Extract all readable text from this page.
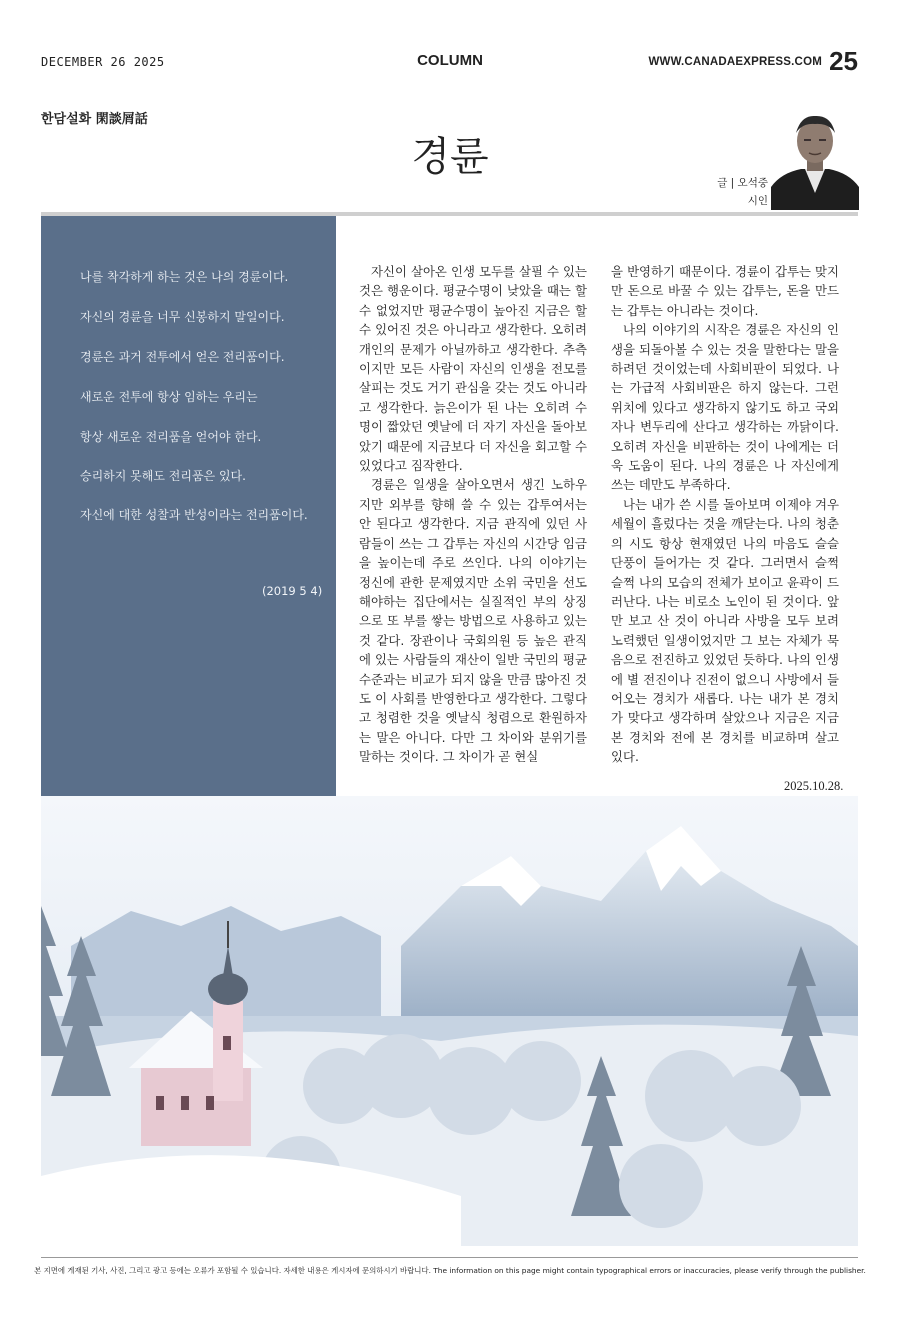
DECEMBER 26 2025	COLUMN	WWW.CANADAEXPRESS.COM 25
한담설화 閑談屑話
경륜
글 | 오석중
시인
나를 착각하게 하는 것은 나의 경륜이다.
자신의 경륜을 너무 신봉하지 말일이다.
경륜은 과거 전투에서 얻은 전리품이다.
새로운 전투에 항상 임하는 우리는
항상 새로운 전리품을 얻어야 한다.
승리하지 못해도 전리품은 있다.
자신에 대한 성찰과 반성이라는 전리품이다.
(2019 5 4)

자신이 살아온 인생 모두를 살필 수 있는 것은 행운이다. 평균수명이 낮았을 때는 할 수 없었지만 평균수명이 높아진 지금은 할 수 있어진 것은 아니라고 생각한다. 오히려 개인의 문제가 아닐까하고 생각한다. 추측이지만 모든 사람이 자신의 인생을 전모를 살피는 것도 거기 관심을 갖는 것도 아니라고 생각한다. 늙은이가 된 나는 오히려 수명이 짧았던 옛날에 더 자기 자신을 돌아보았기 때문에 지금보다 더 자신을 회고할 수 있었다고 짐작한다.

경륜은 일생을 살아오면서 생긴 노하우지만 외부를 향해 쓸 수 있는 갑투여서는 안 된다고 생각한다. 지금 관직에 있던 사람들이 쓰는 그 갑투는 자신의 시간당 임금을 높이는데 주로 쓰인다. 나의 이야기는 정신에 관한 문제였지만 소위 국민을 선도해야하는 집단에서는 실질적인 부의 상징으로 또 부를 쌓는 방법으로 사용하고 있는 것 같다. 장관이나 국회의원 등 높은 관직에 있는 사람들의 재산이 일반 국민의 평균 수준과는 비교가 되지 않을 만큼 많아진 것도 이 사회를 반영한다고 생각한다. 그렇다고 청렴한 것을 옛날식 청렴으로 환원하자는 말은 아니다. 다만 그 차이와 분위기를 말하는 것이다. 그 차이가 곧 현실

을 반영하기 때문이다. 경륜이 갑투는 맞지만 돈으로 바꿀 수 있는 갑투는, 돈을 만드는 갑투는 아니라는 것이다.

나의 이야기의 시작은 경륜은 자신의 인생을 되돌아볼 수 있는 것을 말한다는 말을 하려던 것이었는데 사회비판이 되었다. 나는 가급적 사회비판은 하지 않는다. 그런 위치에 있다고 생각하지 않기도 하고 국외자나 변두리에 산다고 생각하는 까닭이다. 오히려 자신을 비판하는 것이 나에게는 더욱 도움이 된다. 나의 경륜은 나 자신에게 쓰는 데만도 부족하다.

나는 내가 쓴 시를 돌아보며 이제야 겨우 세월이 흘렀다는 것을 깨닫는다. 나의 청춘의 시도 항상 현재였던 나의 마음도 슬슬 단풍이 들어가는 것 같다. 그러면서 슬쩍 슬쩍 나의 모습의 전체가 보이고 윤곽이 드러난다. 나는 비로소 노인이 된 것이다. 앞만 보고 산 것이 아니라 사방을 모두 보려 노력했던 일생이었지만 그 보는 자체가 묵음으로 전진하고 있었던 듯하다. 나의 인생에 별 전진이나 진전이 없으니 사방에서 들어오는 경치가 새롭다. 나는 내가 본 경치가 맞다고 생각하며 살았으나 지금은 지금 본 경치와 전에 본 경치를 비교하며 살고 있다.

2025.10.28.
본 지면에 게재된 기사, 사진, 그리고 광고 등에는 오류가 포함될 수 있습니다. 자세한 내용은 게시자에 문의하시기 바랍니다. The information on this page might contain typographical errors or inaccuracies, please verify through the publisher.
